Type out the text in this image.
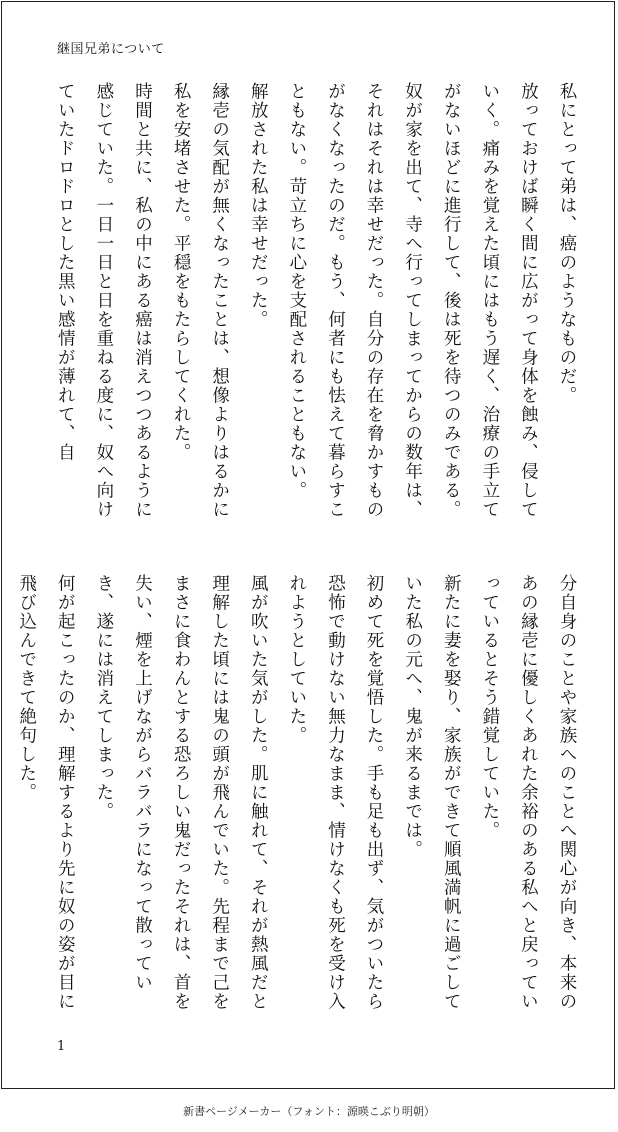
継国兄弟について

私にとって弟は、癌のようなものだ。

放っておけば瞬く間に広がって身体を蝕み、侵していく。痛みを覚えた頃にはもう遅く、治療の手立てがないほどに進行して、後は死を待つのみである。

奴が家を出て、寺へ行ってしまってからの数年は、それはそれは幸せだった。自分の存在を脅かすものがなくなったのだ。もう、何者にも怯えて暮らすこともない。苛立ちに心を支配されることもない。

解放された私は幸せだった。

縁壱の気配が無くなったことは、想像よりはるかに私を安堵させた。平穏をもたらしてくれた。

時間と共に、私の中にある癌は消えつつあるように感じていた。一日一日と日を重ねる度に、奴へ向けていたドロドロとした黒い感情が薄れて、自

分自身のことや家族へのことへ関心が向き、本来のあの縁壱に優しくあれた余裕のある私へと戻っていっているとそう錯覚していた。

新たに妻を娶り、家族ができて順風満帆に過ごしていた私の元へ、鬼が来るまでは。

初めて死を覚悟した。手も足も出ず、気がついたら恐怖で動けない無力なまま、情けなくも死を受け入れようとしていた。

風が吹いた気がした。肌に触れて、それが熱風だと理解した頃には鬼の頭が飛んでいた。先程まで己をまさに食わんとする恐ろしい鬼だったそれは、首を失い、煙を上げながらバラバラになって散っていき、遂には消えてしまった。

何が起こったのか、理解するより先に奴の姿が目に飛び込んできて絶句した。

1
新書ページメーカー（フォント：源暎こぶり明朝）
